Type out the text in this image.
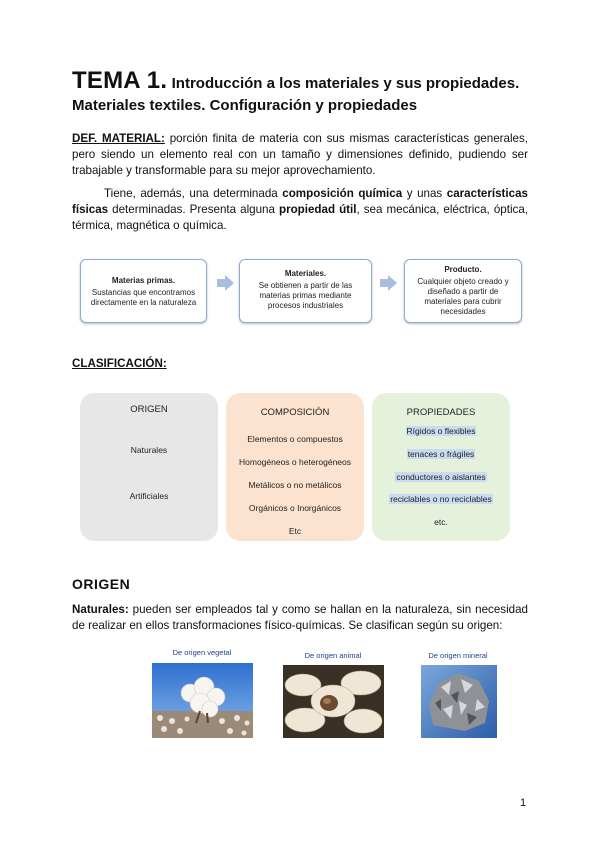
TEMA 1. Introducción a los materiales y sus propiedades.
Materiales textiles. Configuración y propiedades
DEF. MATERIAL: porción finita de materia con sus mismas características generales, pero siendo un elemento real con un tamaño y dimensiones definido, pudiendo ser trabajable y transformable para su mejor aprovechamiento.
Tiene, además, una determinada composición química y unas características físicas determinadas. Presenta alguna propiedad útil, sea mecánica, eléctrica, óptica, térmica, magnética o química.
Materias primas.
Sustancias que encontramos directamente en la naturaleza
Materiales.
Se obtienen a partir de las materias primas mediante procesos industriales
Producto.
Cualquier objeto creado y diseñado a partir de materiales para cubrir necesidades
CLASIFICACIÓN:
ORIGEN
Naturales
Artificiales
COMPOSICIÓN
Elementos o compuestos
Homogéneos o heterogéneos
Metálicos o no metálicos
Orgánicos o Inorgánicos
Etc
PROPIEDADES
Rígidos o flexibles
tenaces o frágiles
conductores o aislantes
reciclables o no reciclables
etc.
ORIGEN
Naturales: pueden ser empleados tal y como se hallan en la naturaleza, sin necesidad de realizar en ellos transformaciones físico-químicas. Se clasifican según su origen:
De origen vegetal	De origen animal	De origen mineral
1
